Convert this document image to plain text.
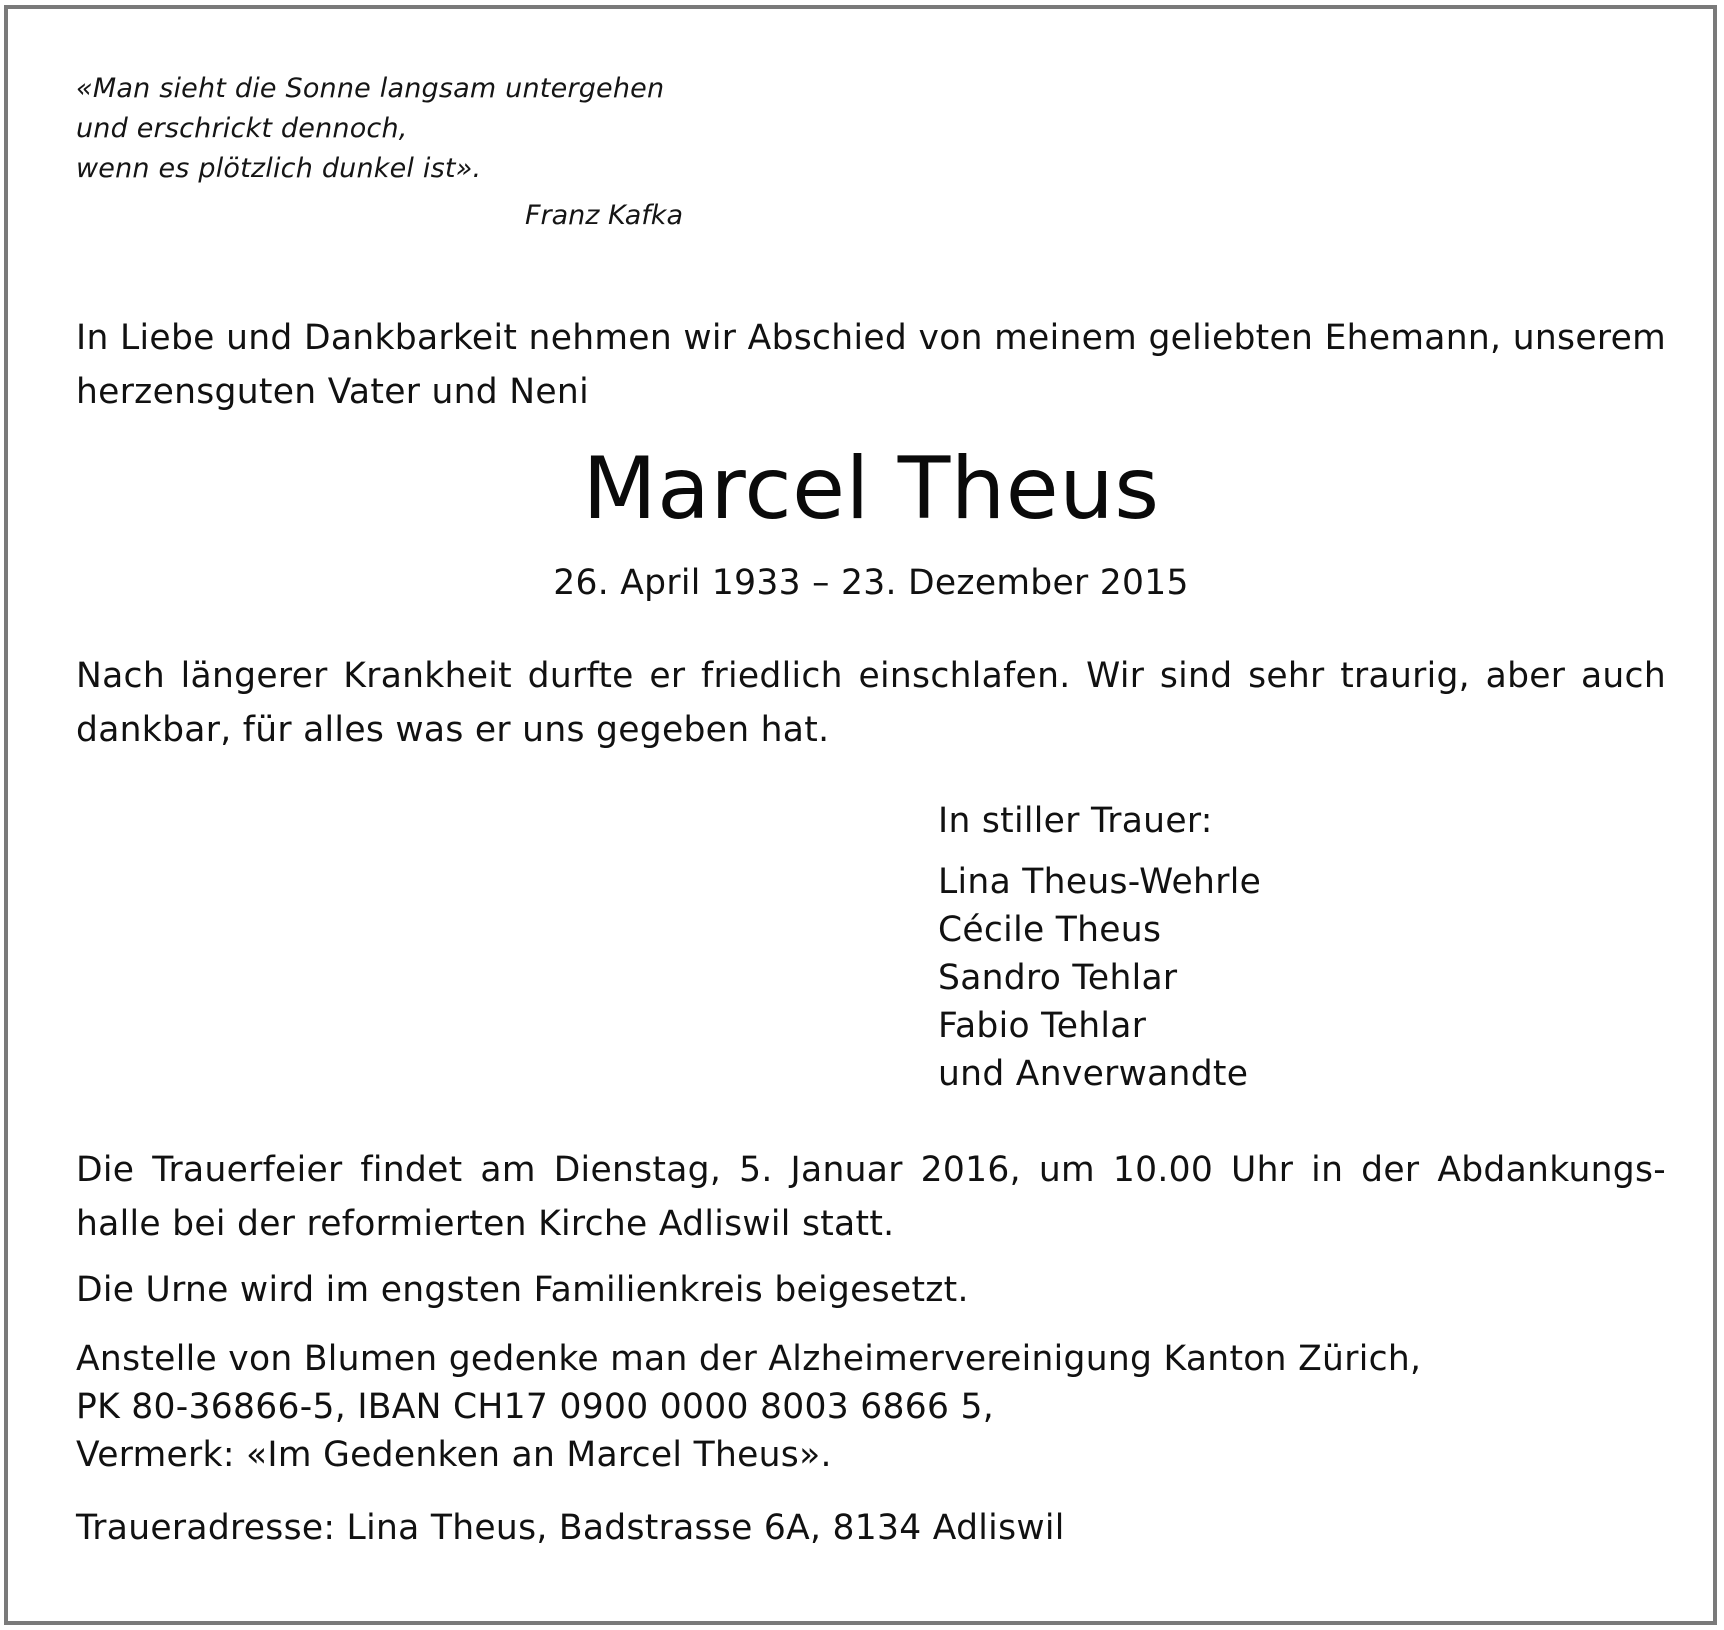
«Man sieht die Sonne langsam untergehen
und erschrickt dennoch,
wenn es plötzlich dunkel ist».
Franz Kafka
In Liebe und Dankbarkeit nehmen wir Abschied von meinem geliebten Ehemann, unserem
herzensguten Vater und Neni
Marcel Theus
26. April 1933 – 23. Dezember 2015
Nach längerer Krankheit durfte er friedlich einschlafen. Wir sind sehr traurig, aber auch
dankbar, für alles was er uns gegeben hat.
In stiller Trauer:
Lina Theus-Wehrle
Cécile Theus
Sandro Tehlar
Fabio Tehlar
und Anverwandte
Die Trauerfeier findet am Dienstag, 5. Januar 2016, um 10.00 Uhr in der Abdankungs-
halle bei der reformierten Kirche Adliswil statt.
Die Urne wird im engsten Familienkreis beigesetzt.
Anstelle von Blumen gedenke man der Alzheimervereinigung Kanton Zürich,
PK 80-36866-5, IBAN CH17 0900 0000 8003 6866 5,
Vermerk: «Im Gedenken an Marcel Theus».
Traueradresse: Lina Theus, Badstrasse 6A, 8134 Adliswil
